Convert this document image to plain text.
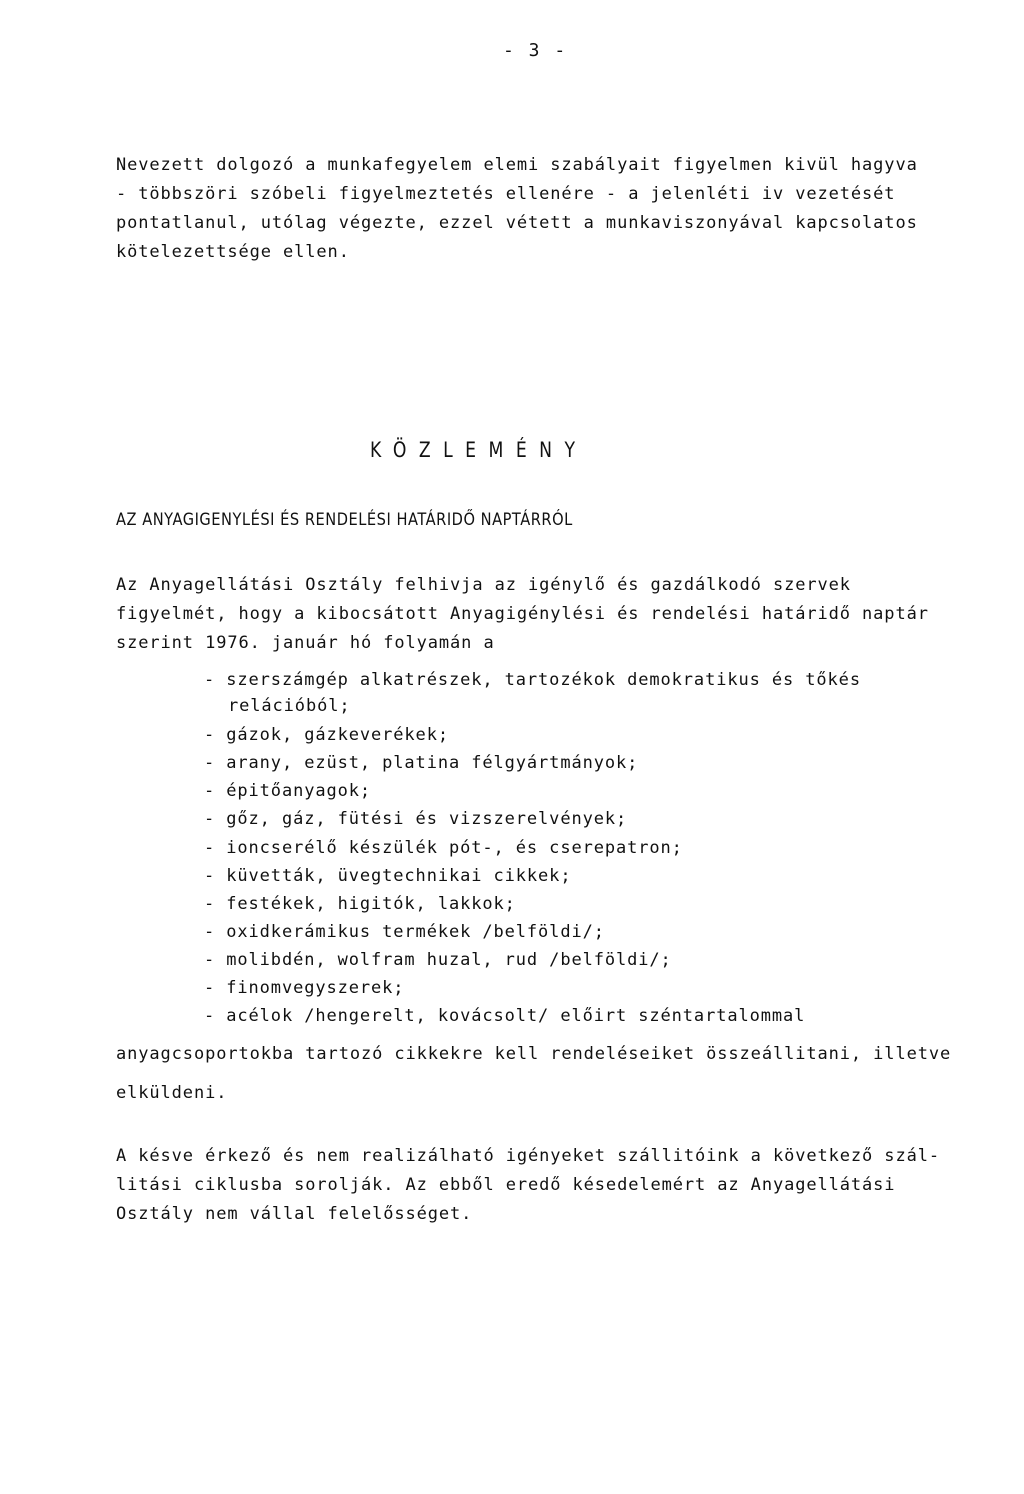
- 3 -
Nevezett dolgozó a munkafegyelem elemi szabályait figyelmen kivül hagyva
- többszöri szóbeli figyelmeztetés ellenére - a jelenléti iv vezetését
pontatlanul, utólag végezte, ezzel vétett a munkaviszonyával kapcsolatos
kötelezettsége ellen.
KÖZLEMÉNY
AZ ANYAGIGENYLÉSI ÉS RENDELÉSI HATÁRIDŐ NAPTÁRRÓL
Az Anyagellátási Osztály felhivja az igénylő és gazdálkodó szervek
figyelmét, hogy a kibocsátott Anyagigénylési és rendelési határidő naptár
szerint 1976. január hó folyamán a
- szerszámgép alkatrészek, tartozékok demokratikus és tőkés
relációból;
- gázok, gázkeverékek;
- arany, ezüst, platina félgyártmányok;
- épitőanyagok;
- gőz, gáz, fütési és vizszerelvények;
- ioncserélő készülék pót-, és cserepatron;
- küvetták, üvegtechnikai cikkek;
- festékek, higitók, lakkok;
- oxidkerámikus termékek /belföldi/;
- molibdén, wolfram huzal, rud /belföldi/;
- finomvegyszerek;
- acélok /hengerelt, kovácsolt/ előirt széntartalommal
anyagcsoportokba tartozó cikkekre kell rendeléseiket összeállitani, illetve
elküldeni.
A késve érkező és nem realizálható igényeket szállitóink a következő szál-
litási ciklusba sorolják. Az ebből eredő késedelemért az Anyagellátási
Osztály nem vállal felelősséget.
